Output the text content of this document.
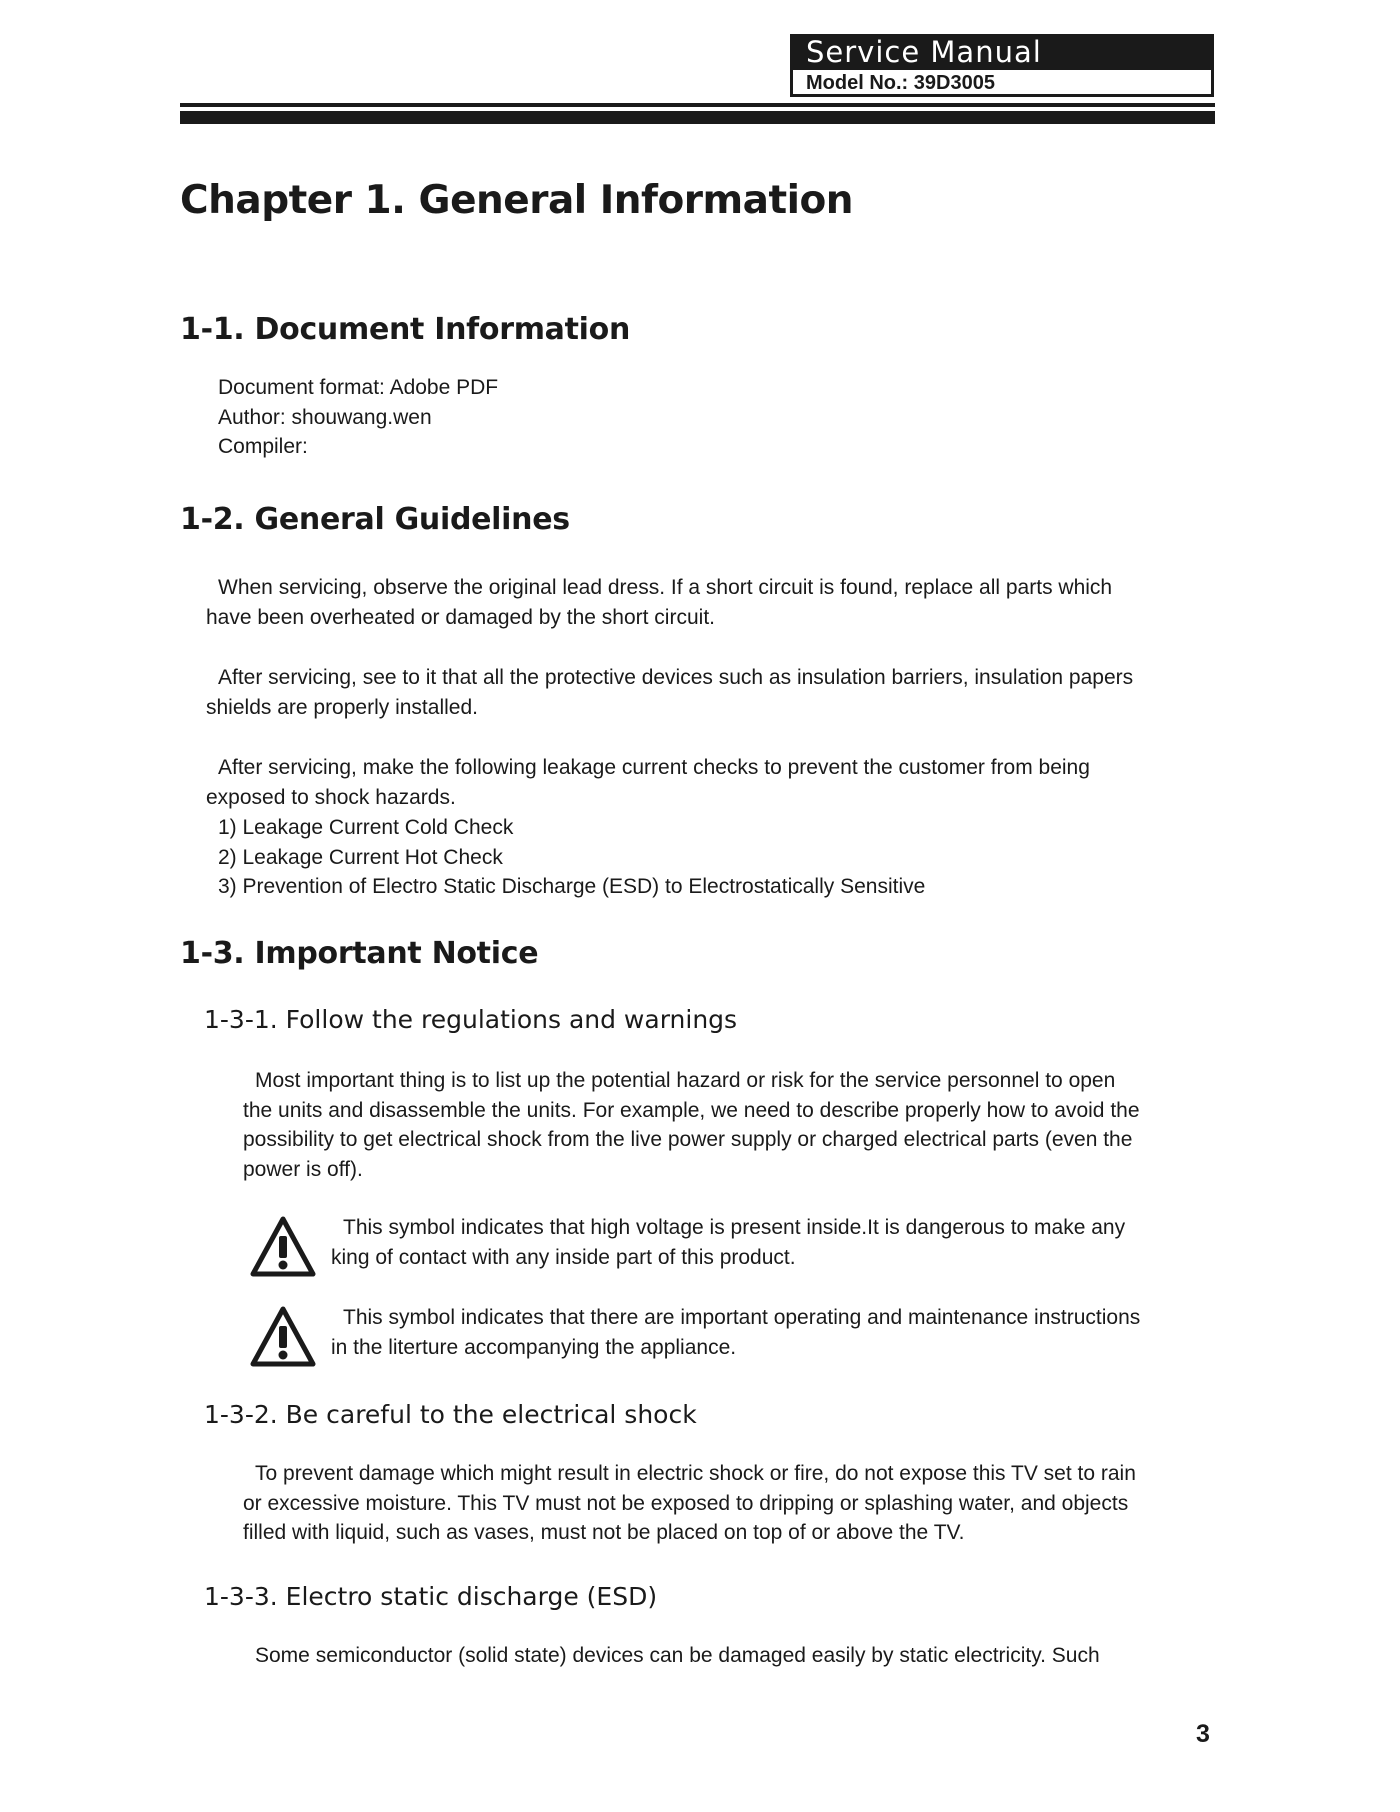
Service Manual
Model No.: 39D3005
Chapter 1. General Information
1-1. Document Information
Document format: Adobe PDF
Author: shouwang.wen
Compiler:
1-2. General Guidelines
When servicing, observe the original lead dress. If a short circuit is found, replace all parts which
have been overheated or damaged by the short circuit.
After servicing, see to it that all the protective devices such as insulation barriers, insulation papers
shields are properly installed.
After servicing, make the following leakage current checks to prevent the customer from being
exposed to shock hazards.
1) Leakage Current Cold Check
2) Leakage Current Hot Check
3) Prevention of Electro Static Discharge (ESD) to Electrostatically Sensitive
1-3. Important Notice
1-3-1. Follow the regulations and warnings
Most important thing is to list up the potential hazard or risk for the service personnel to open
the units and disassemble the units. For example, we need to describe properly how to avoid the
possibility to get electrical shock from the live power supply or charged electrical parts (even the
power is off).
This symbol indicates that high voltage is present inside.It is dangerous to make any
king of contact with any inside part of this product.
This symbol indicates that there are important operating and maintenance instructions
in the literture accompanying the appliance.
1-3-2. Be careful to the electrical shock
To prevent damage which might result in electric shock or fire, do not expose this TV set to rain
or excessive moisture. This TV must not be exposed to dripping or splashing water, and objects
filled with liquid, such as vases, must not be placed on top of or above the TV.
1-3-3. Electro static discharge (ESD)
Some semiconductor (solid state) devices can be damaged easily by static electricity. Such
3
